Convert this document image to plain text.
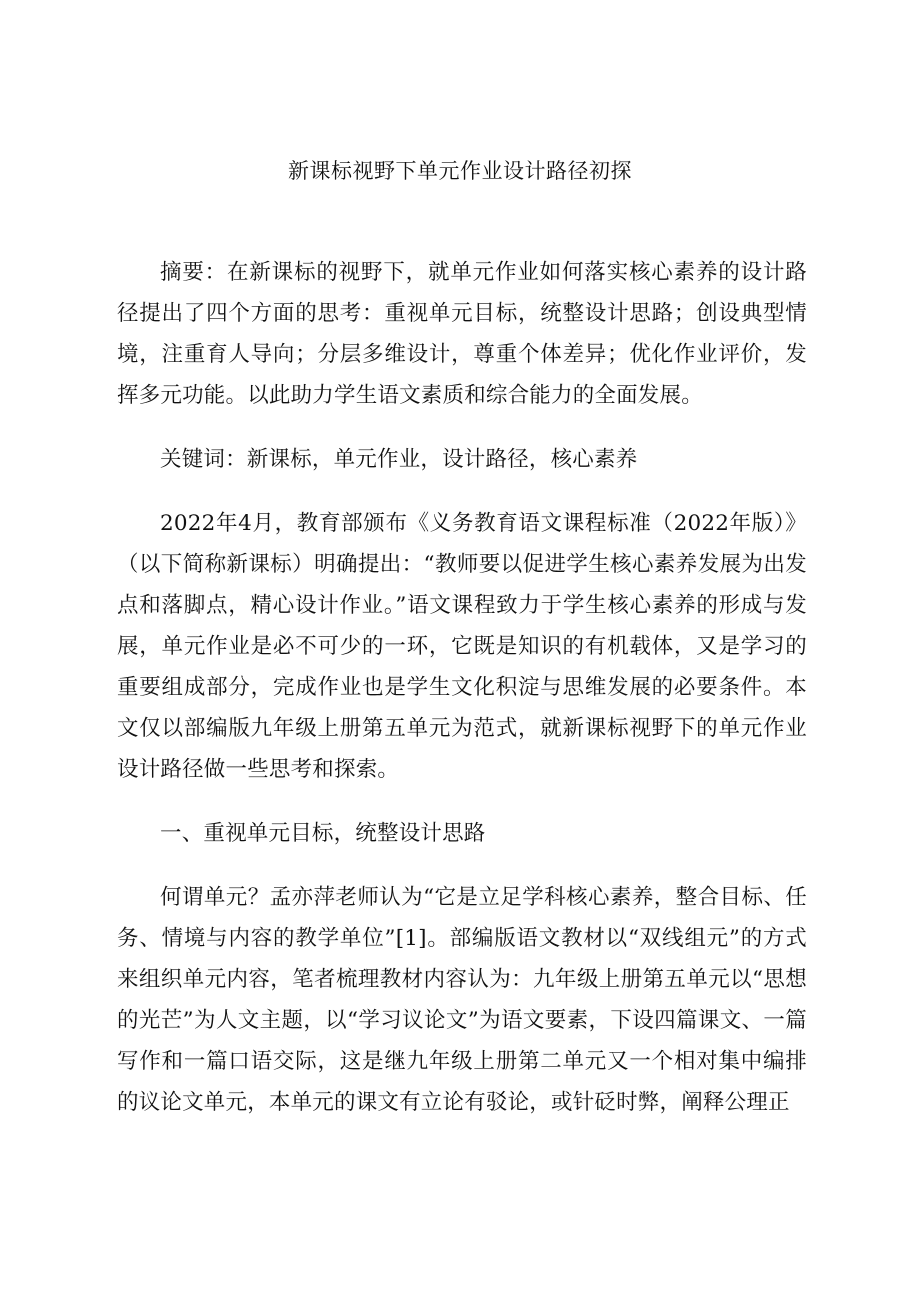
新课标视野下单元作业设计路径初探

摘要：在新课标的视野下，就单元作业如何落实核心素养的设计路径提出了四个方面的思考：重视单元目标，统整设计思路；创设典型情境，注重育人导向；分层多维设计，尊重个体差异；优化作业评价，发挥多元功能。以此助力学生语文素质和综合能力的全面发展。

关键词：新课标，单元作业，设计路径，核心素养

2022年4月，教育部颁布《义务教育语文课程标准（2022年版）》（以下简称新课标）明确提出：“教师要以促进学生核心素养发展为出发点和落脚点，精心设计作业。”语文课程致力于学生核心素养的形成与发展，单元作业是必不可少的一环，它既是知识的有机载体，又是学习的重要组成部分，完成作业也是学生文化积淀与思维发展的必要条件。本文仅以部编版九年级上册第五单元为范式，就新课标视野下的单元作业设计路径做一些思考和探索。

一、重视单元目标，统整设计思路

何谓单元？孟亦萍老师认为“它是立足学科核心素养，整合目标、任务、情境与内容的教学单位”[1]。部编版语文教材以“双线组元”的方式来组织单元内容，笔者梳理教材内容认为：九年级上册第五单元以“思想的光芒”为人文主题，以“学习议论文”为语文要素，下设四篇课文、一篇写作和一篇口语交际，这是继九年级上册第二单元又一个相对集中编排的议论文单元，本单元的课文有立论有驳论，或针砭时弊，阐释公理正
